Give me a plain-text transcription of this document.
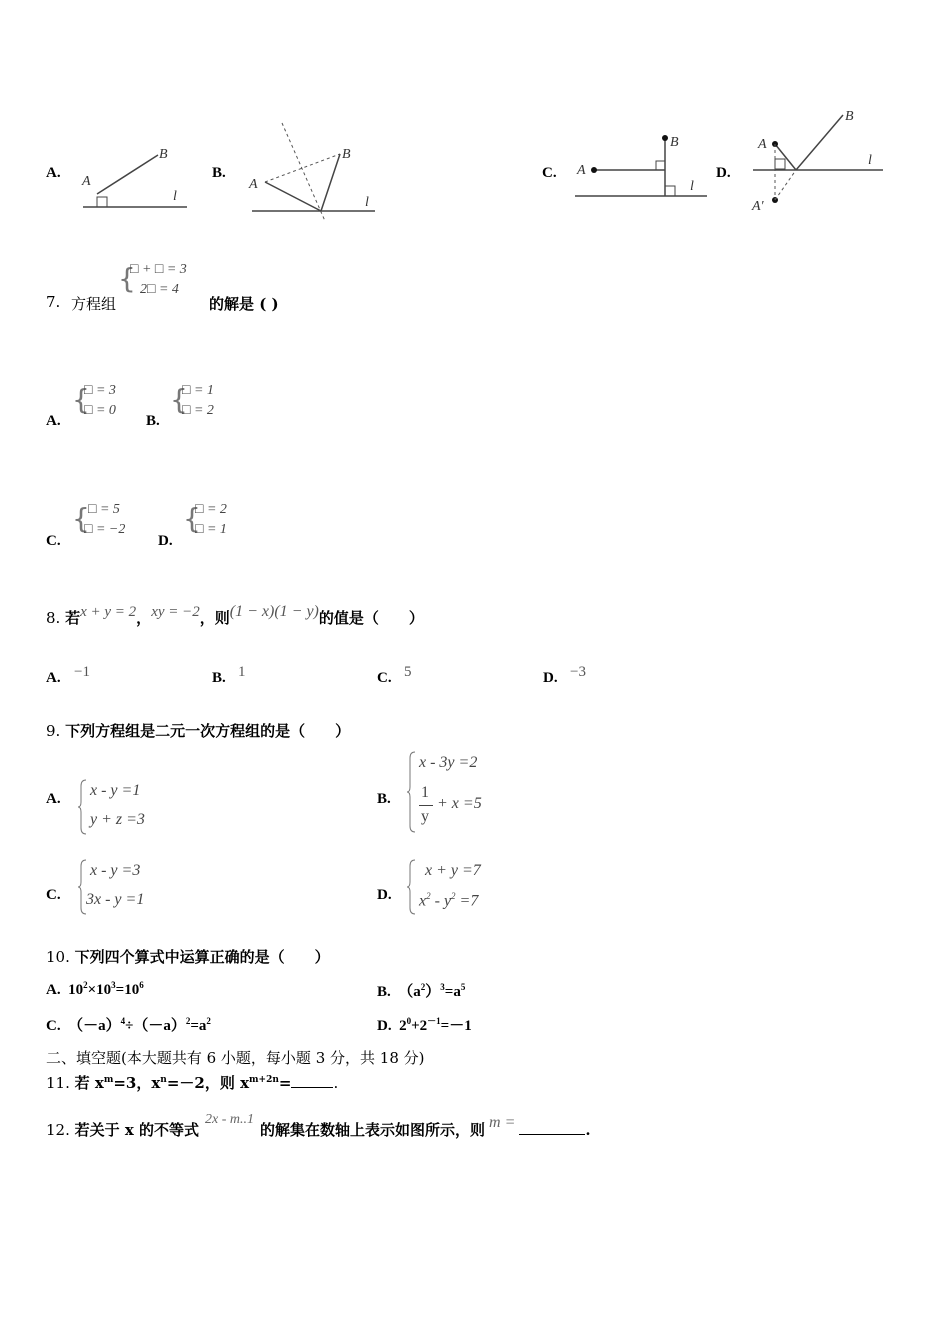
A.
A
B
l
B.
A
B
l
C. A
B
l
D.
A
B
l
A′
7. 方程组
{
□ + □ = 3
2□ = 4
的解是 ( )
A.
{
□ = 3
□ = 0
B.
{
□ = 1
□ = 2
C.
{
□ = 5
□ = −2
D.
{
□ = 2
□ = 1
8. 若x + y = 2，xy = −2，则(1 − x)(1 − y)的值是（　　）
A. −1	B. 1	C. 5	D. −3
9. 下列方程组是二元一次方程组的是（　　）
A. x - y =1
y + z =3
B.
x - 3y =2
1
y
+ x =5
C.
x - y =3
3x - y =1	D.
x + y =7
$x^2 - y^2 =7$
10. 下列四个算式中运算正确的是（　　）
A. $10^2\times 10^3=10^6$	B. $(a^2)^3=a^5$
C. $(-a)^4\div(-a)^2=a^2$	D. $2^0+2^{-1}=-1$
二、填空题(本大题共有 6 小题，每小题 3 分，共 18 分)
11. 若 $x^m=3$，$x^n=-2$，则 $x^{m+2n}=$	.
12. 若关于 x 的不等式2x - m..1的解集在数轴上表示如图所示，则 m =	.
